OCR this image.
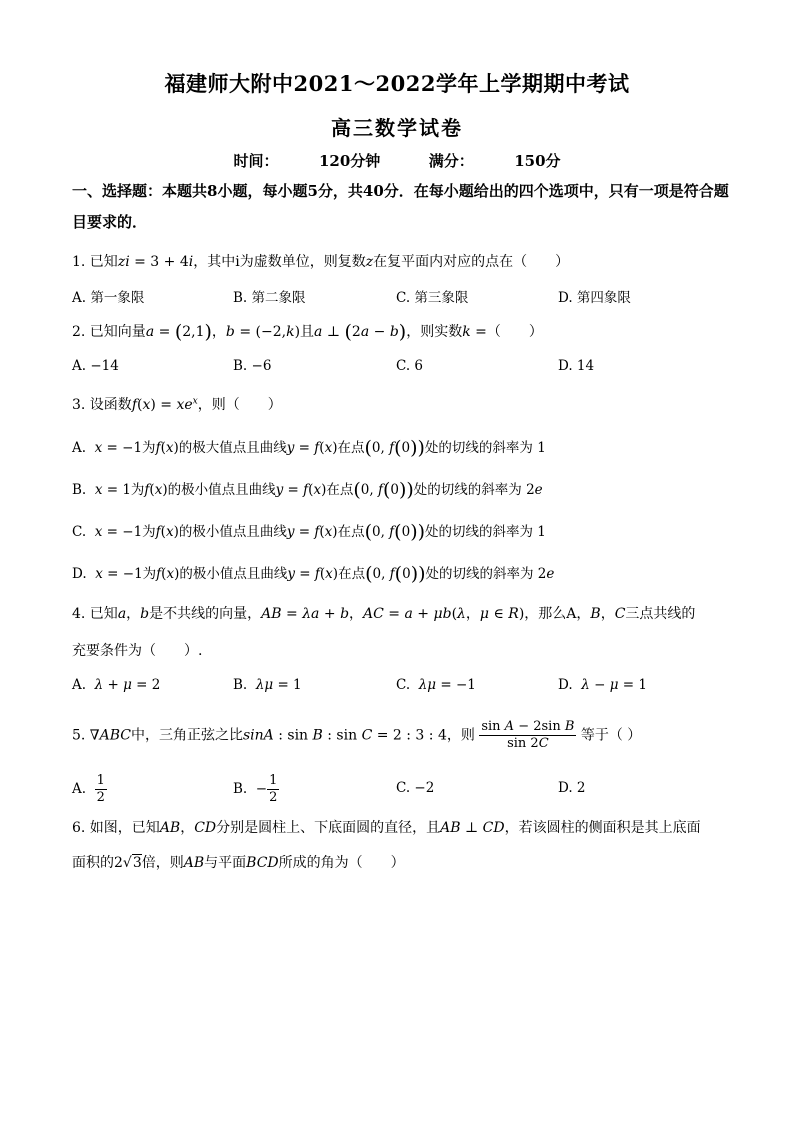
福建师大附中2021～2022学年上学期期中考试
高三数学试卷
时间：	120分钟	满分：	150分
一、选择题：本题共8小题，每小题5分，共40分．在每小题给出的四个选项中，只有一项是符合题目要求的．
1. 已知zi = 3 + 4i，其中i为虚数单位，则复数z在复平面内对应的点在（　　）
A. 第一象限	B. 第二象限	C. 第三象限	D. 第四象限
2. 已知向量a = (2,1)，b = (−2,k)且a ⊥ (2a − b)，则实数k =（　　）
A. −14	B. −6	C. 6	D. 14
3. 设函数$f(x) = xe^x$，则（　　）
A. x = −1为f(x)的极大值点且曲线y = f(x)在点(0, f(0))处的切线的斜率为 1
B. x = 1为f(x)的极小值点且曲线y = f(x)在点(0, f(0))处的切线的斜率为 2e
C. x = −1为f(x)的极小值点且曲线y = f(x)在点(0, f(0))处的切线的斜率为 1
D. x = −1为f(x)的极小值点且曲线y = f(x)在点(0, f(0))处的切线的斜率为 2e
4. 已知a，b是不共线的向量，AB = λa + b，AC = a + μb(λ，μ ∈ R)，那么A，B，C三点共线的
充要条件为（　　）.
A. λ + μ = 2	B. λμ = 1	C. λμ = −1	D. λ − μ = 1
5. ∇ABC中，三角正弦之比sinA : sin B : sin C = 2 : 3 : 4，则 $\frac{\text{sin A − 2sin B}}{\sin 2C}$ 等于（ ）
A. $\frac{1}{2}$	B.  − $\frac{1}{2}$	C. −2	D. 2
6. 如图，已知AB，CD分别是圆柱上、下底面圆的直径，且AB ⊥ CD，若该圆柱的侧面积是其上底面
面积的2√3倍，则AB与平面BCD所成的角为（　　）
